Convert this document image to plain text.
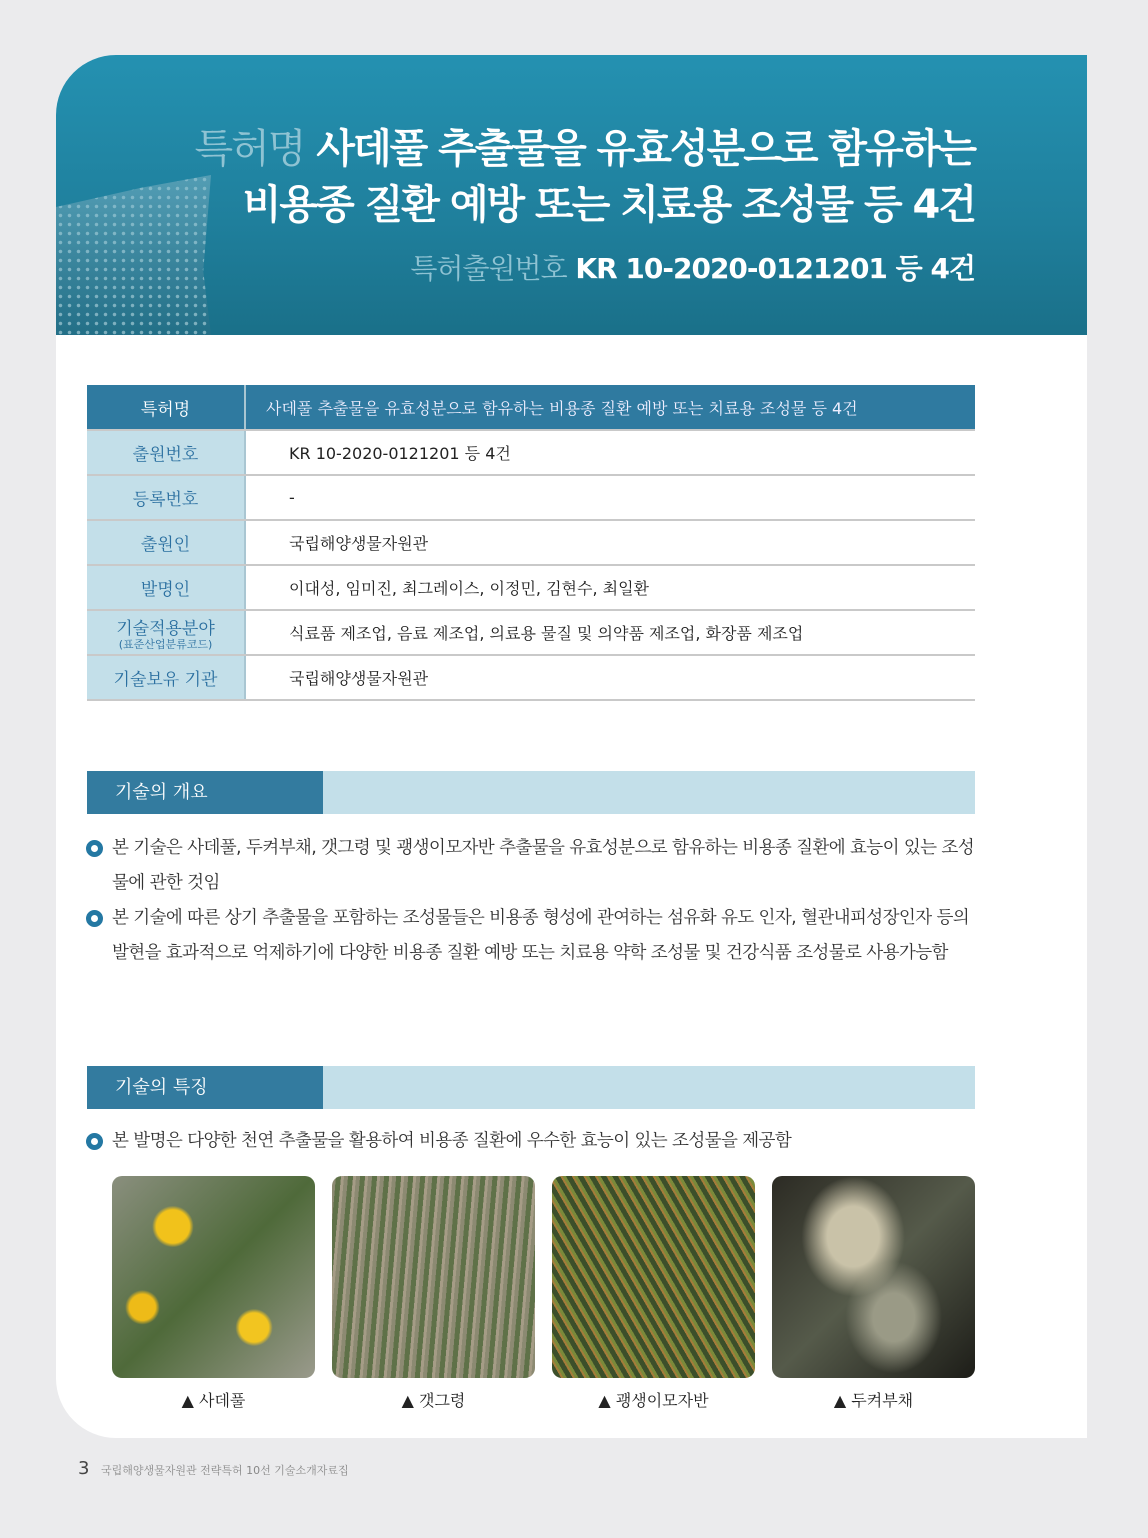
특허명 사데풀 추출물을 유효성분으로 함유하는
비용종 질환 예방 또는 치료용 조성물 등 4건
특허출원번호 KR 10-2020-0121201 등 4건
특허명	사데풀 추출물을 유효성분으로 함유하는 비용종 질환 예방 또는 치료용 조성물 등 4건
출원번호	KR 10-2020-0121201 등 4건
등록번호	-
출원인	국립해양생물자원관
발명인	이대성, 임미진, 최그레이스, 이정민, 김현수, 최일환
기술적용분야
(표준산업분류코드)	식료품 제조업, 음료 제조업, 의료용 물질 및 의약품 제조업, 화장품 제조업
기술보유 기관	국립해양생물자원관
기술의 개요
본 기술은 사데풀, 두켜부채, 갯그령 및 괭생이모자반 추출물을 유효성분으로 함유하는 비용종 질환에 효능이 있는 조성물에 관한 것임
본 기술에 따른 상기 추출물을 포함하는 조성물들은 비용종 형성에 관여하는 섬유화 유도 인자, 혈관내피성장인자 등의 발현을 효과적으로 억제하기에 다양한 비용종 질환 예방 또는 치료용 약학 조성물 및 건강식품 조성물로 사용가능함
기술의 특징
본 발명은 다양한 천연 추출물을 활용하여 비용종 질환에 우수한 효능이 있는 조성물을 제공함
▲ 사데풀	▲ 갯그령	▲ 괭생이모자반	▲ 두켜부채
3 국립해양생물자원관 전략특허 10선 기술소개자료집
